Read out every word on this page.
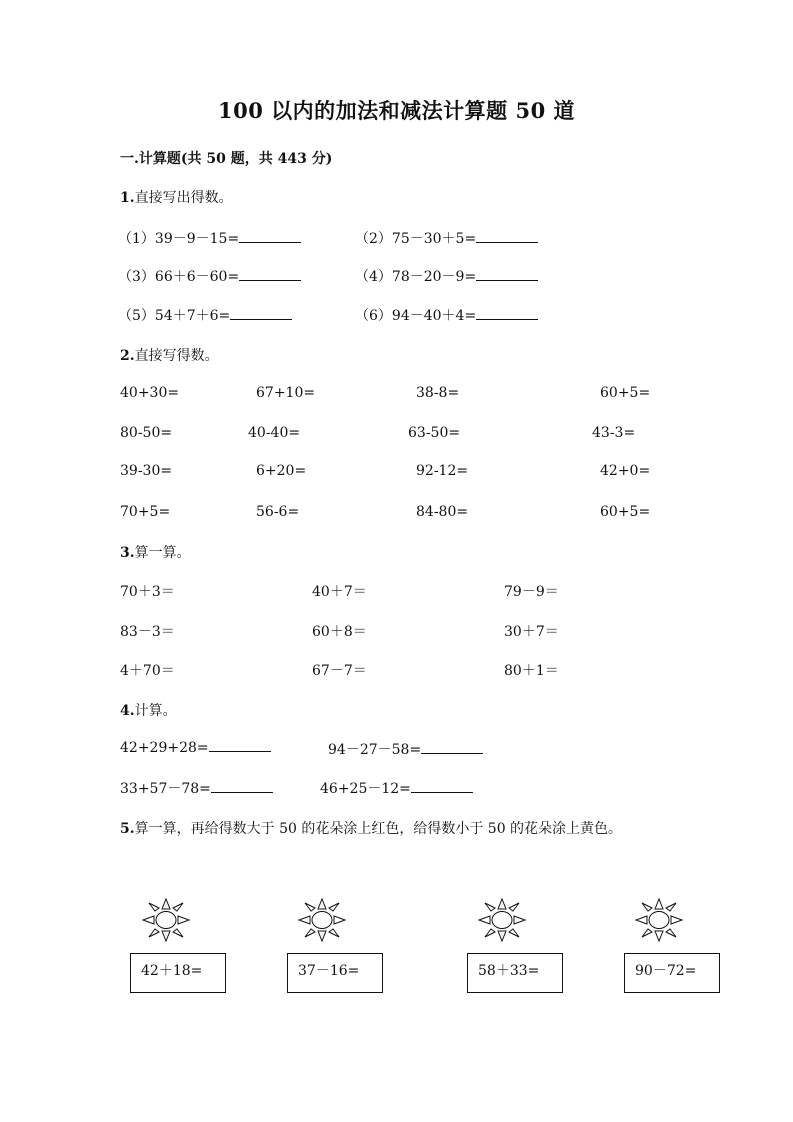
100 以内的加法和减法计算题 50 道
一.计算题(共 50 题，共 443 分)
1.直接写出得数。
（1）39－9－15=	（2）75－30＋5=
（3）66＋6－60=	（4）78－20－9=
（5）54＋7＋6=	（6）94－40＋4=
2.直接写得数。
40+30=	67+10=	38-8=	60+5=
80-50=	40-40=	63-50=	43-3=
39-30=	6+20=	92-12=	42+0=
70+5=	56-6=	84-80=	60+5=
3.算一算。
70＋3＝	40＋7＝	79－9＝
83－3＝	60＋8＝	30＋7＝
4＋70＝	67－7＝	80＋1＝
4.计算。
42+29+28=	94－27－58=
33+57－78=	46+25－12=
5.算一算，再给得数大于 50 的花朵涂上红色，给得数小于 50 的花朵涂上黄色。
42＋18=	37－16=	58＋33=	90－72=
